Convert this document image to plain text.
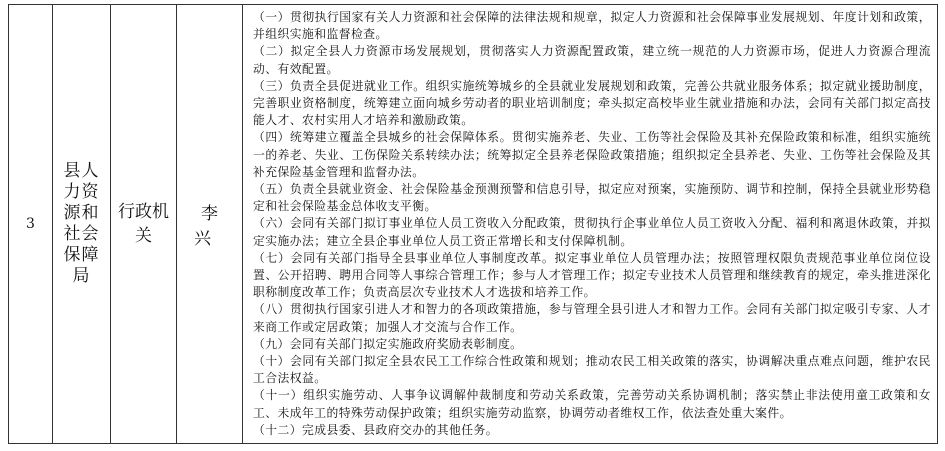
3	县人力资源和社会保障局	行政机关	李兴	

（一）贯彻执行国家有关人力资源和社会保障的法律法规和规章，拟定人力资源和社会保障事业发展规划、年度计划和政策，并组织实施和监督检查。

（二）拟定全县人力资源市场发展规划，贯彻落实人力资源配置政策，建立统一规范的人力资源市场，促进人力资源合理流动、有效配置。

（三）负责全县促进就业工作。组织实施统筹城乡的全县就业发展规划和政策，完善公共就业服务体系；拟定就业援助制度，完善职业资格制度，统筹建立面向城乡劳动者的职业培训制度；牵头拟定高校毕业生就业措施和办法，会同有关部门拟定高技能人才、农村实用人才培养和激励政策。

（四）统筹建立覆盖全县城乡的社会保障体系。贯彻实施养老、失业、工伤等社会保险及其补充保险政策和标准，组织实施统一的养老、失业、工伤保险关系转续办法；统筹拟定全县养老保险政策措施；组织拟定全县养老、失业、工伤等社会保险及其补充保险基金管理和监督办法。

（五）负责全县就业资金、社会保险基金预测预警和信息引导，拟定应对预案，实施预防、调节和控制，保持全县就业形势稳定和社会保险基金总体收支平衡。

（六）会同有关部门拟订事业单位人员工资收入分配政策，贯彻执行企事业单位人员工资收入分配、福利和离退休政策，并拟定实施办法；建立全县企事业单位人员工资正常增长和支付保障机制。

（七）会同有关部门指导全县事业单位人事制度改革。拟定事业单位人员管理办法；按照管理权限负责规范事业单位岗位设置、公开招聘、聘用合同等人事综合管理工作；参与人才管理工作；拟定专业技术人员管理和继续教育的规定，牵头推进深化职称制度改革工作；负责高层次专业技术人才选拔和培养工作。

（八）贯彻执行国家引进人才和智力的各项政策措施，参与管理全县引进人才和智力工作。会同有关部门拟定吸引专家、人才来商工作或定居政策；加强人才交流与合作工作。

（九）会同有关部门拟定实施政府奖励表彰制度。

（十）会同有关部门拟定全县农民工工作综合性政策和规划；推动农民工相关政策的落实，协调解决重点难点问题，维护农民工合法权益。

（十一）组织实施劳动、人事争议调解仲裁制度和劳动关系政策，完善劳动关系协调机制；落实禁止非法使用童工政策和女工、未成年工的特殊劳动保护政策；组织实施劳动监察，协调劳动者维权工作，依法查处重大案件。

（十二）完成县委、县政府交办的其他任务。
